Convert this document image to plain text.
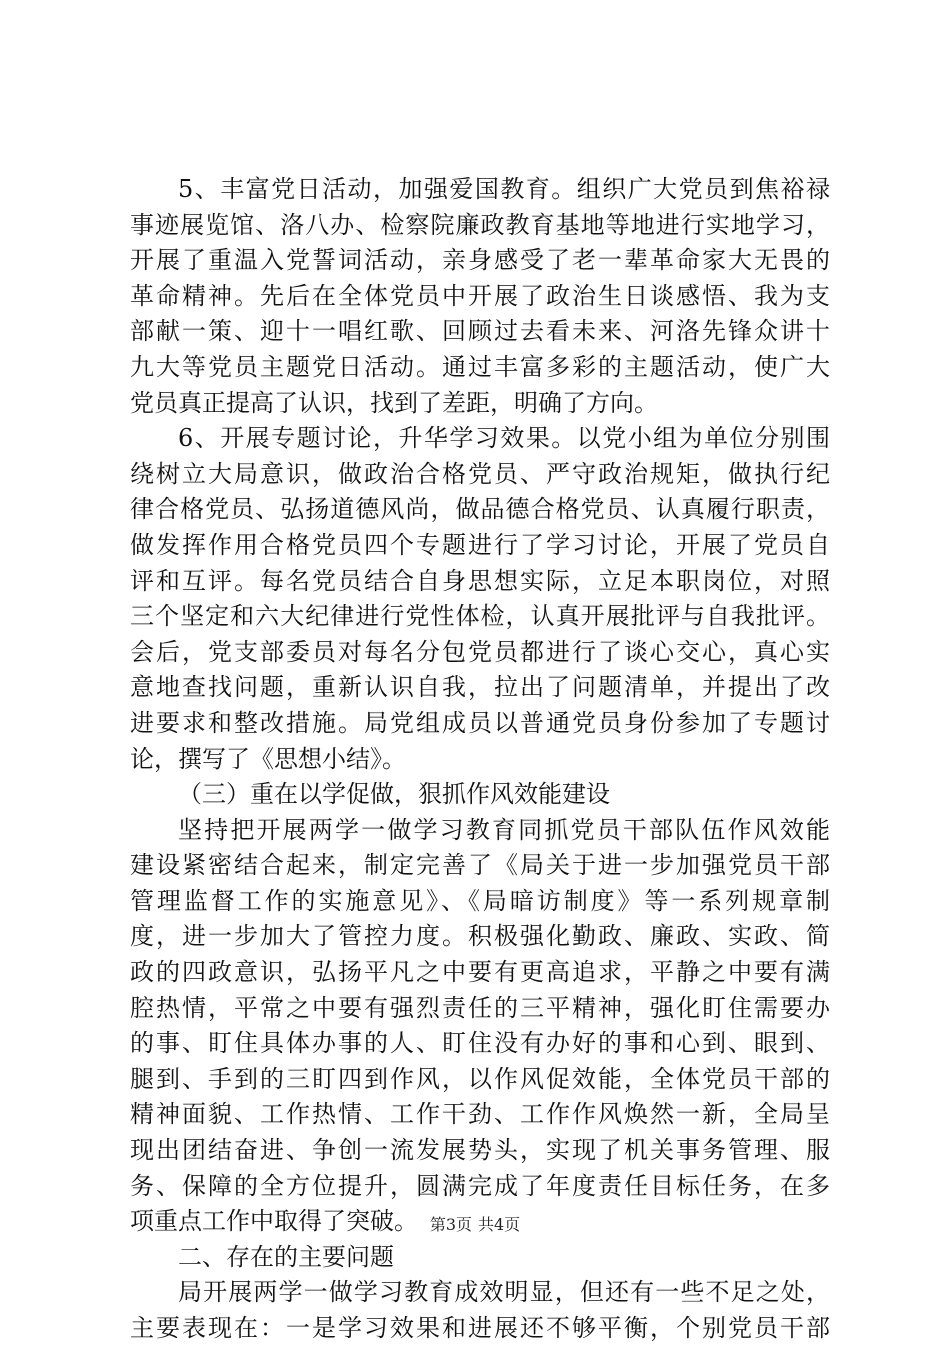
5、丰富党日活动，加强爱国教育。组织广大党员到焦裕禄
事迹展览馆、洛八办、检察院廉政教育基地等地进行实地学习，
开展了重温入党誓词活动，亲身感受了老一辈革命家大无畏的
革命精神。先后在全体党员中开展了政治生日谈感悟、我为支
部献一策、迎十一唱红歌、回顾过去看未来、河洛先锋众讲十
九大等党员主题党日活动。通过丰富多彩的主题活动，使广大
党员真正提高了认识，找到了差距，明确了方向。
6、开展专题讨论，升华学习效果。以党小组为单位分别围
绕树立大局意识，做政治合格党员、严守政治规矩，做执行纪
律合格党员、弘扬道德风尚，做品德合格党员、认真履行职责，
做发挥作用合格党员四个专题进行了学习讨论，开展了党员自
评和互评。每名党员结合自身思想实际，立足本职岗位，对照
三个坚定和六大纪律进行党性体检，认真开展批评与自我批评。
会后，党支部委员对每名分包党员都进行了谈心交心，真心实
意地查找问题，重新认识自我，拉出了问题清单，并提出了改
进要求和整改措施。局党组成员以普通党员身份参加了专题讨
论，撰写了《思想小结》。
（三）重在以学促做，狠抓作风效能建设
坚持把开展两学一做学习教育同抓党员干部队伍作风效能
建设紧密结合起来，制定完善了《局关于进一步加强党员干部
管理监督工作的实施意见》、《局暗访制度》等一系列规章制
度，进一步加大了管控力度。积极强化勤政、廉政、实政、简
政的四政意识，弘扬平凡之中要有更高追求，平静之中要有满
腔热情，平常之中要有强烈责任的三平精神，强化盯住需要办
的事、盯住具体办事的人、盯住没有办好的事和心到、眼到、
腿到、手到的三盯四到作风，以作风促效能，全体党员干部的
精神面貌、工作热情、工作干劲、工作作风焕然一新，全局呈
现出团结奋进、争创一流发展势头，实现了机关事务管理、服
务、保障的全方位提升，圆满完成了年度责任目标任务，在多
项重点工作中取得了突破。
二、存在的主要问题
局开展两学一做学习教育成效明显，但还有一些不足之处，
主要表现在：一是学习效果和进展还不够平衡，个别党员干部
第3页 共4页
